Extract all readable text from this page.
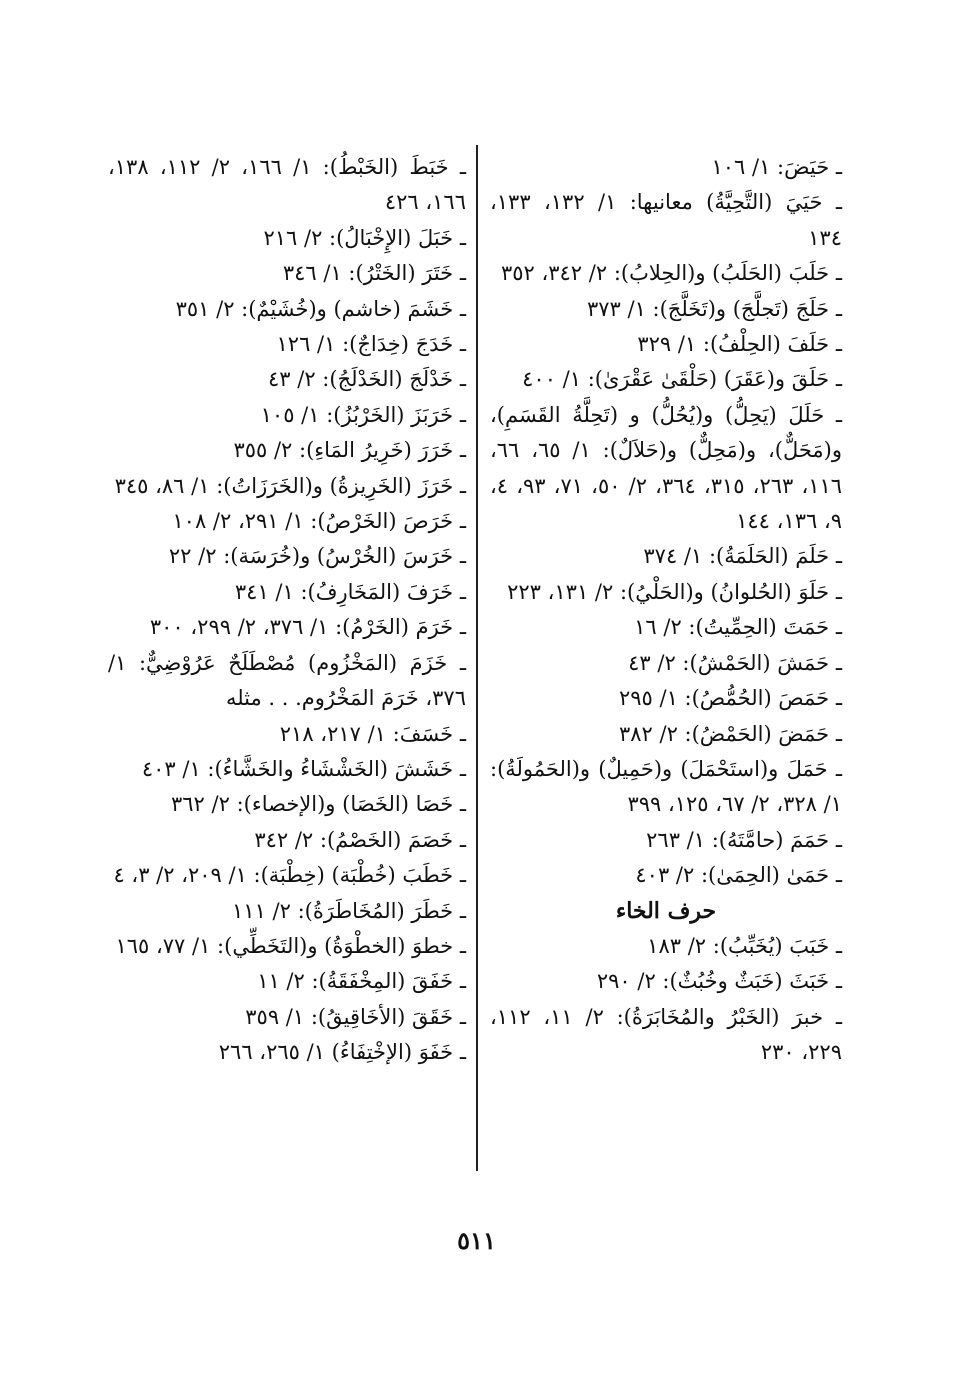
ـ حَيَضَ: ١/ ١٠٦

ـ حَيَيَ (التَّحِيَّةُ) معانيها: ١/ ١٣٢، ١٣٣، ١٣٤

ـ حَلَبَ (الحَلَبُ) و(الحِلابُ): ٢/ ٣٤٢، ٣٥٢

ـ حَلَجَ (تَجلَّجَ) و(تَخَلَّجَ): ١/ ٣٧٣

ـ حَلَفَ (الحِلْفُ): ١/ ٣٢٩

ـ حَلَقَ و(عَقَرَ) (حَلْقَىٰ عَقْرَىٰ): ١/ ٤٠٠

ـ حَلَلَ (يَحِلُّ) و(يُحُلُّ) و (تَحِلَّةُ القَسَمِ)، و(مَحَلٌّ)، و(مَحِلٌّ) و(حَلاَلٌ): ١/ ٦٥، ٦٦، ١١٦، ٢٦٣، ٣١٥، ٣٦٤، ٢/ ٥٠، ٧١، ٩٣، ٤، ٩، ١٣٦، ١٤٤

ـ حَلَمَ (الحَلَمَةُ): ١/ ٣٧٤

ـ حَلَوَ (الحُلوانُ) و(الحَلْيُ): ٢/ ١٣١، ٢٢٣

ـ حَمَتَ (الحِمِّيتُ): ٢/ ١٦

ـ حَمَشَ (الحَمْشُ): ٢/ ٤٣

ـ حَمَصَ (الحُمُّصُ): ١/ ٢٩٥

ـ حَمَضَ (الحَمْضُ): ٢/ ٣٨٢

ـ حَمَلَ و(استَحْمَلَ) و(حَمِيلٌ) و(الحَمُولَةُ): ١/ ٣٢٨، ٢/ ٦٧، ١٢٥، ٣٩٩

ـ حَمَمَ (حامَّتَهُ): ١/ ٢٦٣

ـ حَمَىٰ (الحِمَىٰ): ٢/ ٤٠٣

حرف الخاء

ـ خَبَبَ (يُخَبِّبُ): ٢/ ١٨٣

ـ خَبَثَ (خَبَثٌ وخُبُثٌ): ٢/ ٢٩٠

ـ خبرَ (الخَبْرُ والمُخَابَرَةُ): ٢/ ١١، ١١٢، ٢٢٩، ٢٣٠

ـ خَبَطَ (الخَبْطُ): ١/ ١٦٦، ٢/ ١١٢، ١٣٨، ١٦٦، ٤٢٦

ـ خَبَلَ (الإِخْبَالُ): ٢/ ٢١٦

ـ خَتَرَ (الخَتْرُ): ١/ ٣٤٦

ـ خَشَمَ (خاشم) و(خُشَيْمٌ): ٢/ ٣٥١

ـ خَدَجَ (خِدَاجٌ): ١/ ١٢٦

ـ خَدْلَجَ (الخَدْلَجُ): ٢/ ٤٣

ـ خَرَبَزَ (الخَرْبُزُ): ١/ ١٠٥

ـ خَرَرَ (خَرِيرُ المَاءِ): ٢/ ٣٥٥

ـ خَرَزَ (الخَرِيزةُ) و(الخَرَزَاتُ): ١/ ٨٦، ٣٤٥

ـ خَرَصَ (الخَرْصُ): ١/ ٢٩١، ٢/ ١٠٨

ـ خَرَسَ (الخُرْسُ) و(خُرَسَة): ٢/ ٢٢

ـ خَرَفَ (المَخَارِفُ): ١/ ٣٤١

ـ خَرَمَ (الخَرْمُ): ١/ ٣٧٦، ٢/ ٢٩٩، ٣٠٠

ـ خَزَمَ (المَخْزُوم) مُصْطَلَحٌ عَرُوْضِيٌّ: ١/ ٣٧٦، خَرَمَ المَخْرُوم. . . مثله

ـ خَسَفَ: ١/ ٢١٧، ٢١٨

ـ خَشَشَ (الخَشْشَاءُ والخَشَّاءُ): ١/ ٤٠٣

ـ خَصَا (الخَصَا) و(الإخصاء): ٢/ ٣٦٢

ـ خَصَمَ (الخَصْمُ): ٢/ ٣٤٢

ـ خَطَبَ (خُطْبَة) (خِطْبَة): ١/ ٢٠٩، ٢/ ٣، ٤

ـ خَطَرَ (المُخَاطَرَةُ): ٢/ ١١١

ـ خطوَ (الخطْوَةُ) و(التَخَطِّي): ١/ ٧٧، ١٦٥

ـ خَفَقَ (المِخْفَقَةُ): ٢/ ١١

ـ خَقَقَ (الأخَاقِيقُ): ١/ ٣٥٩

ـ خَفَوَ (الإخْتِفَاءُ) ١/ ٢٦٥، ٢٦٦

٥١١
